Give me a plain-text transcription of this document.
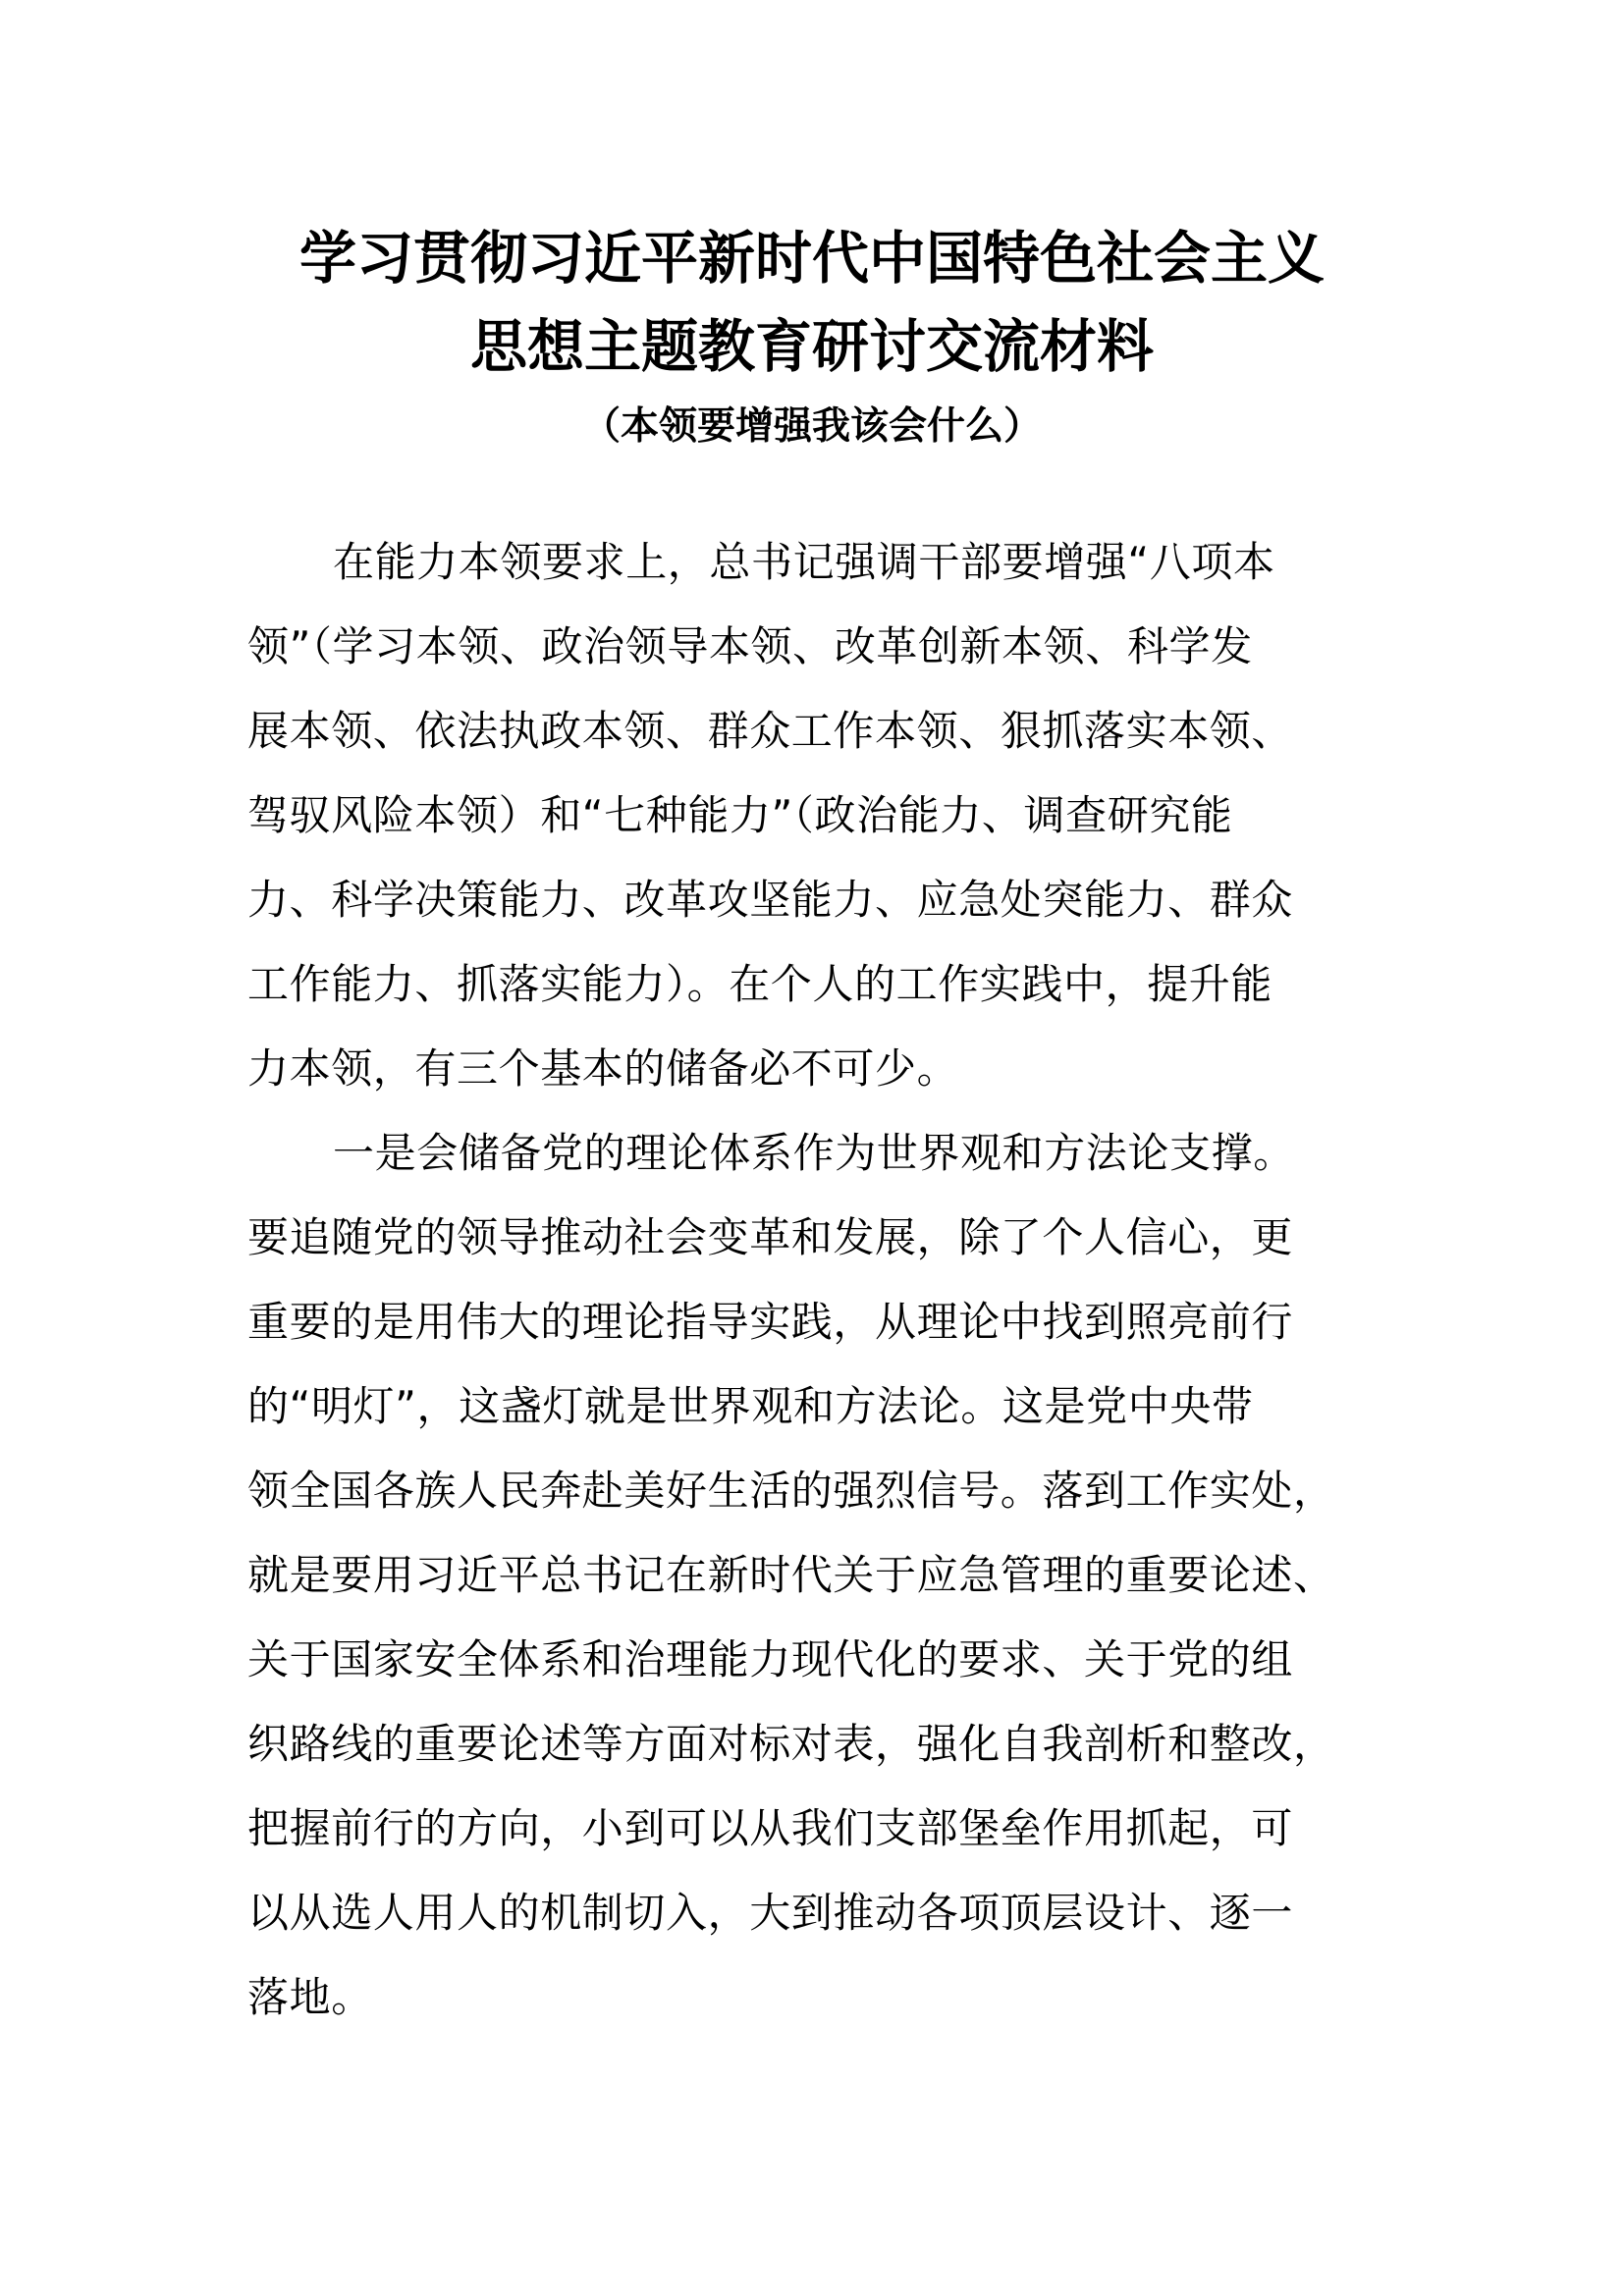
学习贯彻习近平新时代中国特色社会主义
思想主题教育研讨交流材料
（本领要增强我该会什么）
在能力本领要求上，总书记强调干部要增强“八项本
领”（学习本领、政治领导本领、改革创新本领、科学发
展本领、依法执政本领、群众工作本领、狠抓落实本领、
驾驭风险本领）和“七种能力”（政治能力、调查研究能
力、科学决策能力、改革攻坚能力、应急处突能力、群众
工作能力、抓落实能力）。在个人的工作实践中，提升能
力本领，有三个基本的储备必不可少。
一是会储备党的理论体系作为世界观和方法论支撑。
要追随党的领导推动社会变革和发展，除了个人信心，更
重要的是用伟大的理论指导实践，从理论中找到照亮前行
的“明灯”，这盏灯就是世界观和方法论。这是党中央带
领全国各族人民奔赴美好生活的强烈信号。落到工作实处，
就是要用习近平总书记在新时代关于应急管理的重要论述、
关于国家安全体系和治理能力现代化的要求、关于党的组
织路线的重要论述等方面对标对表，强化自我剖析和整改，
把握前行的方向，小到可以从我们支部堡垒作用抓起，可
以从选人用人的机制切入，大到推动各项顶层设计、逐一
落地。
